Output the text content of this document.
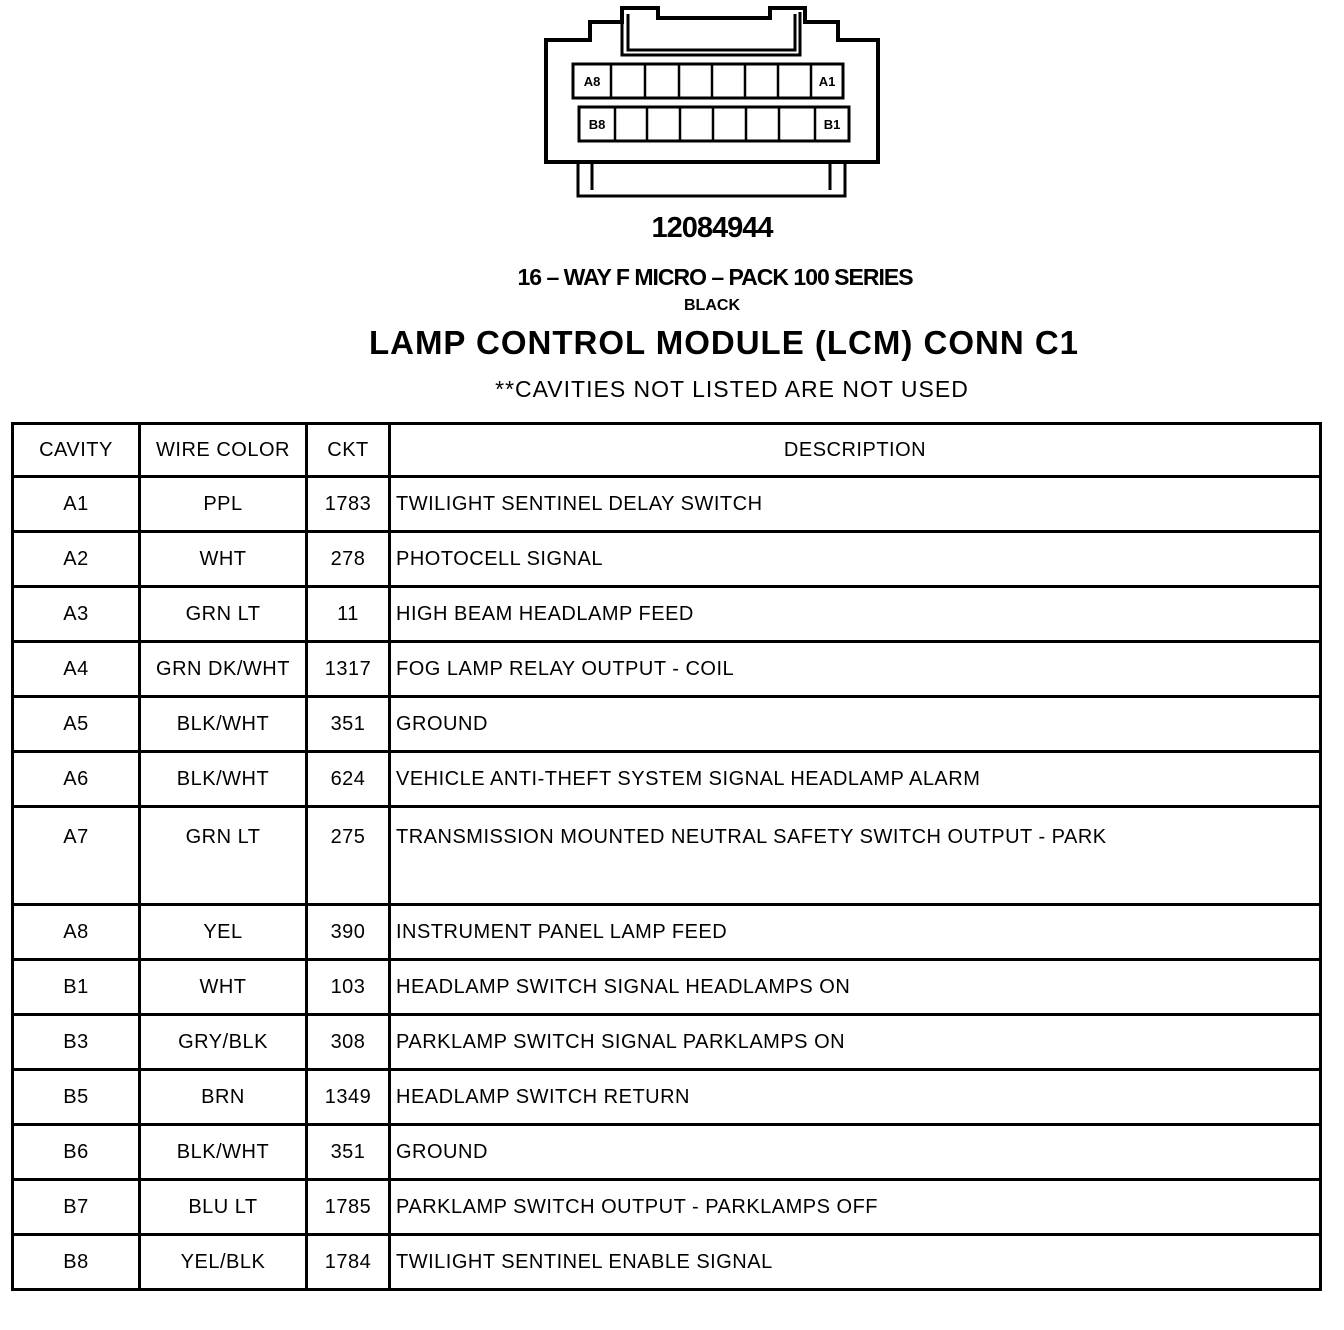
A8	A1
B8	B1
12084944
16 – WAY F MICRO – PACK 100 SERIES
BLACK
LAMP CONTROL MODULE (LCM) CONN C1
**CAVITIES NOT LISTED ARE NOT USED
CAVITY	WIRE COLOR	CKT	DESCRIPTION
A1	PPL	1783	TWILIGHT SENTINEL DELAY SWITCH
A2	WHT	278	PHOTOCELL SIGNAL
A3	GRN LT	11	HIGH BEAM HEADLAMP FEED
A4	GRN DK/WHT	1317	FOG LAMP RELAY OUTPUT - COIL
A5	BLK/WHT	351	GROUND
A6	BLK/WHT	624	VEHICLE ANTI-THEFT SYSTEM SIGNAL HEADLAMP ALARM
A7	GRN LT	275	TRANSMISSION MOUNTED NEUTRAL SAFETY SWITCH OUTPUT - PARK
A8	YEL	390	INSTRUMENT PANEL LAMP FEED
B1	WHT	103	HEADLAMP SWITCH SIGNAL HEADLAMPS ON
B3	GRY/BLK	308	PARKLAMP SWITCH SIGNAL PARKLAMPS ON
B5	BRN	1349	HEADLAMP SWITCH RETURN
B6	BLK/WHT	351	GROUND
B7	BLU LT	1785	PARKLAMP SWITCH OUTPUT - PARKLAMPS OFF
B8	YEL/BLK	1784	TWILIGHT SENTINEL ENABLE SIGNAL
